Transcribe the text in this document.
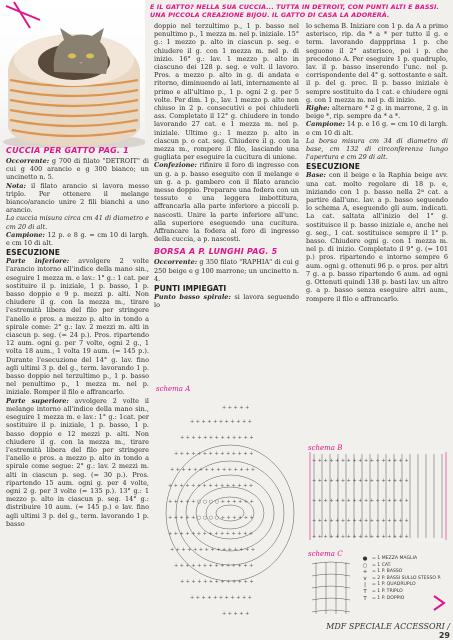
E IL GATTO? NELLA SUA CUCCIA... TUTTA IN DETROIT, CON PUNTI ALTI E BASSI. UNA PICCOLA CREAZIONE BIJOU. IL GATTO DI CASA LA ADORERÀ.
CUCCIA PER GATTO PAG. 1

Occorrente: g 700 di filato "DETROIT" di cui g 400 arancio e g 300 bianco; un uncinetto n. 5.

Nota: il filato arancio si lavora messo triplo. Per ottenere il melange bianco/arancio unire 2 fili bianchi a uno arancio.

La cuccia misura circa cm 41 di diametro e cm 20 di alt.

Campione: 12 p. e 8 g. = cm 10 di largh. e cm 10 di alt.

ESECUZIONE

Parte inferiore: avvolgere 2 volte l'arancio intorno all'indice della mano sin., eseguire 1 mezza m. e lav.: 1° g.: 1 cat. per sostituire il p. iniziale, 1 p. basso, 1 p. basso doppio e 9 p. mezzi p. alti. Non chiudere il g. con la mezza m., tirare l'estremità libera del filo per stringere l'anello e pros. a mezzo p. alto in tondo a spirale come: 2° g.: lav. 2 mezzi m. alti in ciascun p. seg. (= 24 p.). Pros. ripartendo 12 aum. ogni g. per 7 volte, ogni 2 g., 1 volta 18 aum., 1 volta 19 aum. (= 145 p.). Durante l'esecuzione del 14° g. lav. fino agli ultimi 3 p. del g., term. lavorando 1 p. basso doppio nel terzultimo p., 1 p. basso nel penultimo p., 1 mezza m. nel p. iniziale. Romper il filo e affrancarlo.

Parte superiore: avvolgere 2 volte il melange intorno all'indice della mano sin., eseguire 1 mezza m. e lav.: 1° g.: 1cat. per sostituire il p. iniziale, 1 p. basso, 1 p. basso doppio e 12 mezzi p. alti. Non chiudere il g. con la mezza m., tirare l'estremità libera del filo per stringere l'anello e pros. a mezzo p. alto in tondo a spirale come segue: 2° g.: lav. 2 mezzi m. alti in ciascun p. seg. (= 30 p.). Pros. ripartendo 15 aum. ogni g. per 4 volte, ogni 2 g. per 3 volte (= 135 p.). 13° g.: 1 mezzo p. alto in ciascun p. seg. 14° g.: distribuire 10 aum. (= 145 p.) e lav. fino agli ultimi 3 p. del g., term. lavorando 1 p. basso

doppio nel terzultimo p., 1 p. basso nel penultimo p., 1 mezza m. nel p. iniziale. 15° g.: 1 mezzo p. alto in ciascun p. seg. e chiudere il g. con 1 mezza m. nel p. di inizio. 16° g.: lav. 1 mezzo p. alto in ciascuno dei 128 p. seg. e volt. il lavoro. Pros. a mezzo p. alto in g. di andata e ritorno, diminuendo ai lati, internamente al primo e all'ultimo p., 1 p. ogni 2 g. per 5 volte. Per dim. 1 p., lav. 1 mezzo p. alto non chiuso in 2 p. consecutivi e poi chiuderli ass. Completato il 12° g. chiudere in tondo lavorando 27 cat. e 1 mezza m. nel p. iniziale. Ultimo g.: 1 mezzo p. alto in ciascun p. o cat. seg. Chiudere il g. con la mezza m., rompere il filo, lasciando una gugliata per eseguire la cucitura di unione.

Confezione: rifinire il foro di ingresso con un g. a p. basso eseguito con il melange e un g. a p. gambero con il filato arancio messo doppio. Preparare una fodera con un tessuto e una leggera imbottitura, affrancarla alla parte inferiore a piccoli p. nascosti. Unire la parte inferiore all'unc. alla superiore eseguendo una cucitura. Affrancare la fodera al foro di ingresso della cuccia, a p. nascosti.

BORSA A P. LUNGHI PAG. 5

Occorrente: g 350 filato "RAPHIA" di cui g 250 beige e g 100 marrone; un uncinetto n. 4.

PUNTI IMPIEGATI

Punto basso spirale: si lavora seguendo lo

schema A
+ + + + +
+ + + + + + + + + + +
+ + + + + + + + + + + + +
+ + + + + + + + + + + + + +
+ + + + + + + + + + + + + + +
+ + + + + + + + + + + + + + +
+ + + + + ○ ○ ○ ○ + + + + + +
+ + + + + ○ ○ ○ ○ + + + + + +
+ + + + + + + + + + + + + + +
+ + + + + + + + + + + + + + +
+ + + + + + + + + + + + + +
+ + + + + + + + + + + + +
+ + + + + + + + + + +
+ + + + +

lo schema B. Iniziare con 1 p. da A a primo asterisco, rip. da * a * per tutto il g. e term. lavorando dappprima 1 p. che seguono il 2° asterisco, poi i p. che precedono A. Per eseguire 1 p. quadruplo, lav. il p. basso inserendo l'unc. nel p. corrispondente del 4° g. sottostante e salt. il p. del g. prec. Il p. basso iniziale è sempre sostituito da 1 cat. e chiudere ogni g. con 1 mezza m. nel p. di inizio.

Righe: alternare * 2 g. in marrone, 2 g. in beige *, rip. sempre da * a *.

Campione: 14 p. e 16 g. = cm 10 di largh. e cm 10 di alt.

La borsa misura cm 34 di diametro di base, cm 132 di circonferenza lungo l'apertura e cm 29 di alt.

ESECUZIONE

Base: con il beige e la Raphia beige avv. una cat. molto regolare di 18 p. e, iniziando con 1 p. basso nella 2ª cat. a partire dall'unc. lav. a p. basso seguendo lo schema A, eseguendo gli aum. indicati. La cat. saltata all'inizio del 1° g. sostituisce il p. basso iniziale e, anche nei g. seg., 1 cat. sostituisce sempre il 1° p. basso. Chiudere ogni g. con 1 mezza m. nel p. di inizio. Completato il 9° g. (= 101 p.) pros. ripartendo e intorno sempre 6 aum. ogni g. ottenuti 96 p. e pros. per altri 7 g. a p. basso ripartendo 6 aum. ad ogni g. Ottenuti quindi 138 p. basti lav. un altro g. a p. basso senza eseguire altri aum., rompere il filo e affrancarlo.

schema B
+ + + + + + + + + + + + + + + + +
+ + + + + + + + + + + + + + + + +
+ + + + + + + + + + + + + + + + +
+ + + + + + + + + + + + + + + + +
+ + + + + + + + + + + + + + + + +
schema C
● = 1 MEZZA MAGLIA
○ = 1 CAT.
+	= 1 P. BASSO
⋎	= 2 P. BASSI SULLO STESSO P.
|	= 1 P. QUADRUPLO
T	= 1 P. TRIPLO
T	= 1 P. DOPPIO
MDF SPECIALE ACCESSORI / 29
